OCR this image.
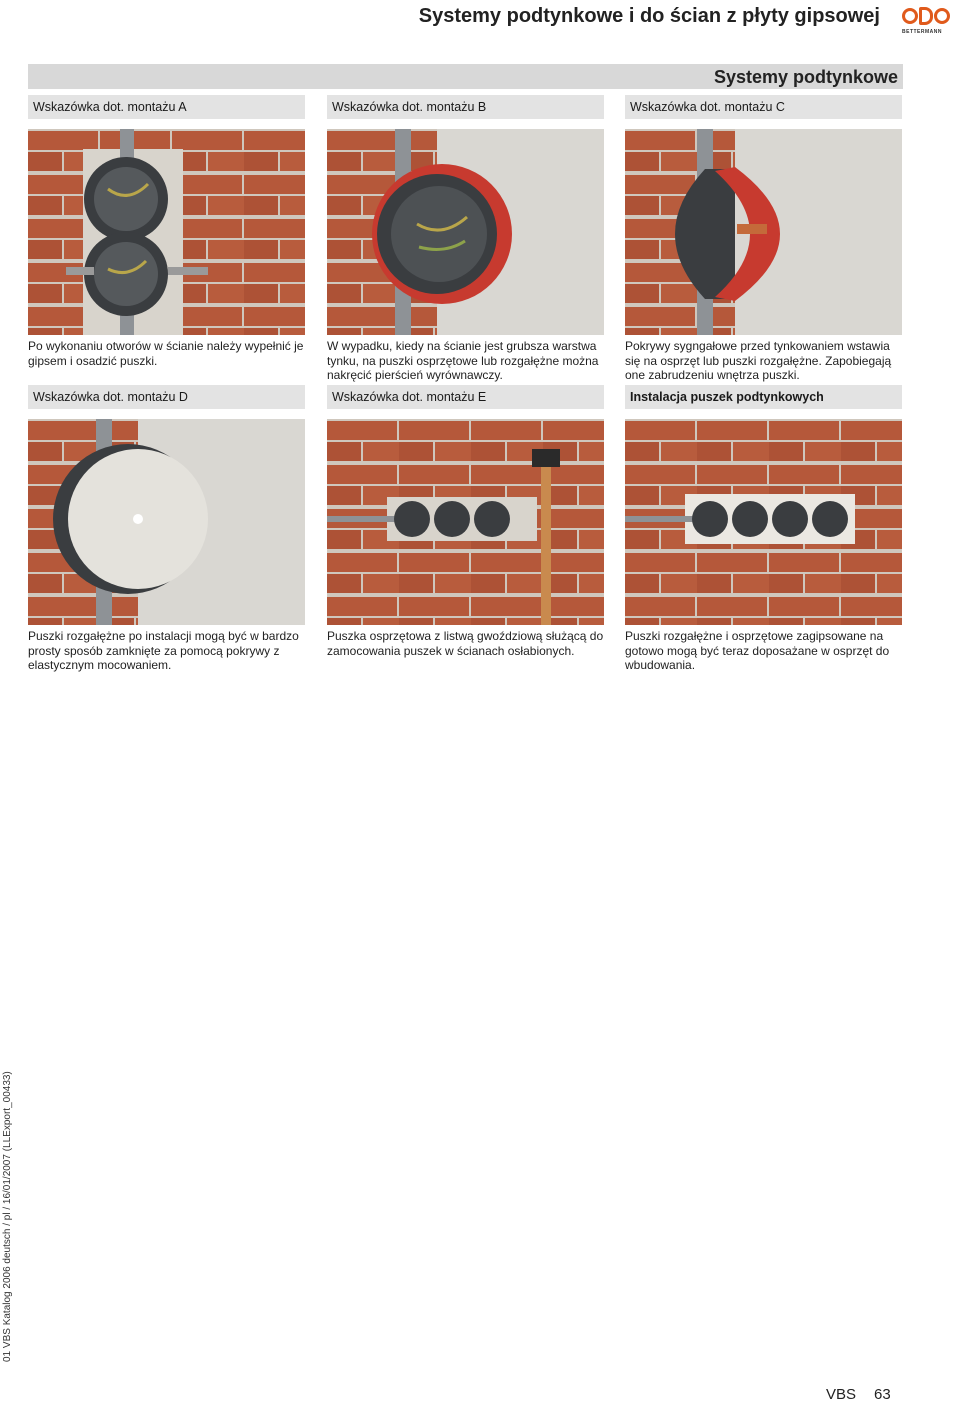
Systemy podtynkowe i do ścian z płyty gipsowej
BETTERMANN
Systemy podtynkowe
Wskazówka dot. montażu A
Po wykonaniu otworów w ścianie należy wypełnić je gipsem i osadzić puszki.
Wskazówka dot. montażu B
W wypadku, kiedy na ścianie jest grubsza warstwa tynku, na puszki osprzętowe lub rozgałężne można nakręcić pierścień wyrównawczy.
Wskazówka dot. montażu C
Pokrywy sygngałowe przed tynkowaniem wstawia się na osprzęt lub puszki rozgałężne. Zapobiegają one zabrudzeniu wnętrza puszki.
Wskazówka dot. montażu D
Puszki rozgałężne po instalacji mogą być w bardzo prosty sposób zamknięte za pomocą pokrywy z elastycznym mocowaniem.
Wskazówka dot. montażu E
Puszka osprzętowa z listwą gwoździową służącą do zamocowania puszek w ścianach osłabionych.
Instalacja puszek podtynkowych
Puszki rozgałężne i osprzętowe zagipsowane na gotowo mogą być teraz doposażane w osprzęt do wbudowania.
01 VBS Katalog 2006 deutsch / pl / 16/01/2007 (LLExport_00433)
VBS 63
